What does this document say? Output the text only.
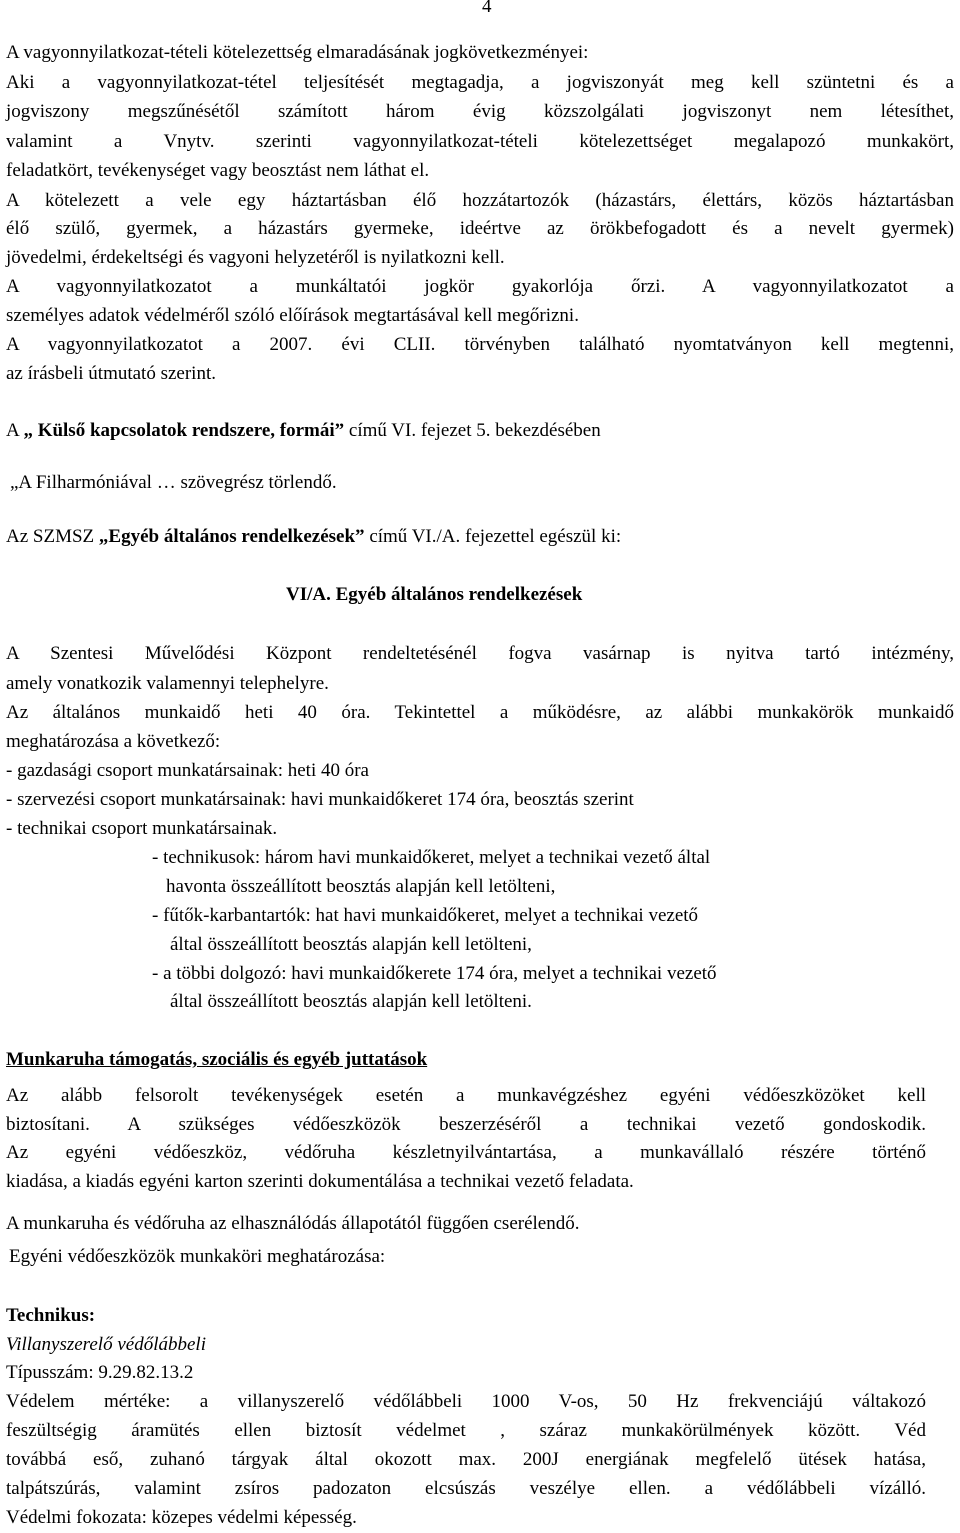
4
A vagyonnyilatkozat-tételi kötelezettség elmaradásának jogkövetkezményei:
Aki a vagyonnyilatkozat-tétel teljesítését megtagadja, a jogviszonyát meg kell szüntetni és a
jogviszony megszűnésétől számított három évig közszolgálati jogviszonyt nem létesíthet,
valamint a Vnytv. szerinti vagyonnyilatkozat-tételi kötelezettséget megalapozó munkakört,
feladatkört, tevékenységet vagy beosztást nem láthat el.
A kötelezett a vele egy háztartásban élő hozzátartozók (házastárs, élettárs, közös háztartásban
élő szülő, gyermek, a házastárs gyermeke, ideértve az örökbefogadott és a nevelt gyermek)
jövedelmi, érdekeltségi és vagyoni helyzetéről is nyilatkozni kell.
A vagyonnyilatkozatot a munkáltatói jogkör gyakorlója őrzi. A vagyonnyilatkozatot a
személyes adatok védelméről szóló előírások megtartásával kell megőrizni.
A vagyonnyilatkozatot a 2007. évi CLII. törvényben található nyomtatványon kell megtenni,
az írásbeli útmutató szerint.
A „ Külső kapcsolatok rendszere, formái” című VI. fejezet 5. bekezdésében
„A Filharmóniával … szövegrész törlendő.
Az SZMSZ „Egyéb általános rendelkezések” című VI./A. fejezettel egészül ki:
VI/A. Egyéb általános rendelkezések
A Szentesi Művelődési Központ rendeltetésénél fogva vasárnap is nyitva tartó intézmény,
amely vonatkozik valamennyi telephelyre.
Az általános munkaidő heti 40 óra. Tekintettel a működésre, az alábbi munkakörök munkaidő
meghatározása a következő:
- gazdasági csoport munkatársainak: heti 40 óra
- szervezési csoport munkatársainak: havi munkaidőkeret 174 óra, beosztás szerint
- technikai csoport munkatársainak.
- technikusok: három havi munkaidőkeret, melyet a technikai vezető által
havonta összeállított beosztás alapján kell letölteni,
- fűtők-karbantartók: hat havi munkaidőkeret, melyet a technikai vezető
által összeállított beosztás alapján kell letölteni,
- a többi dolgozó: havi munkaidőkerete 174 óra, melyet a technikai vezető
által összeállított beosztás alapján kell letölteni.
Munkaruha támogatás, szociális és egyéb juttatások
Az alább felsorolt tevékenységek esetén a munkavégzéshez egyéni védőeszközöket kell
biztosítani. A szükséges védőeszközök beszerzéséről a technikai vezető gondoskodik.
Az egyéni védőeszköz, védőruha készletnyilvántartása, a munkavállaló részére történő
kiadása, a kiadás egyéni karton szerinti dokumentálása a technikai vezető feladata.
A munkaruha és védőruha az elhasználódás állapotától függően cserélendő.
Egyéni védőeszközök munkaköri meghatározása:
Technikus:
Villanyszerelő védőlábbeli
Típusszám: 9.29.82.13.2
Védelem mértéke: a villanyszerelő védőlábbeli 1000 V-os, 50 Hz frekvenciájú váltakozó
feszültségig áramütés ellen biztosít védelmet , száraz munkakörülmények között. Véd
továbbá eső, zuhanó tárgyak által okozott max. 200J energiának megfelelő ütések hatása,
talpátszúrás, valamint zsíros padozaton elcsúszás veszélye ellen. a védőlábbeli vízálló.
Védelmi fokozata: közepes védelmi képesség.
